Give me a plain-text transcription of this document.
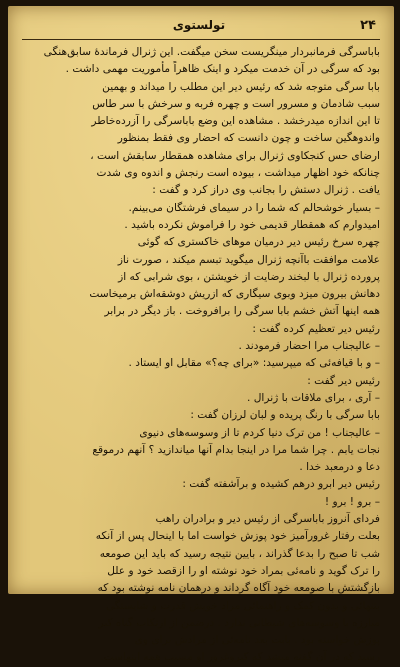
۲۴
تولستوی
باباسرگی فرمانبردار مینگریست سخن میگفت. این ژنرال فرماندهٔ سابق‌هنگی
بود که سرگی در آن خدمت میکرد و اینک ظاهراً مأموریت مهمی داشت .
بابا سرگی متوجه شد که رئیس دیر این مطلب را میداند و بهمین
سبب شادمان و مسرور است و چهره فربه و سرخش با سر طاس
تا این اندازه میدرخشد . مشاهده این وضع باباسرگی را آزرده‌خاطر
واندوهگین ساخت و چون دانست که احضار وی فقط بمنظور
ارضای حس کنجکاوی ژنرال برای مشاهده همقطار سابقش است ،
چنانکه خود اظهار میداشت ، بیوده است رنجش و اندوه وی شدت
یافت . ژنرال دستش را بجانب وی دراز کرد و گفت :
– بسیار خوشحالم که شما را در سیمای فرشتگان می‌بینم.
امیدوارم که همقطار قدیمی خود را فراموش نکرده باشید .
چهره سرخ رئیس دیر درمیان موهای خاکستری که گوئی
علامت موافقت باآنچه ژنرال میگوید تبسم میکند ، صورت ناز
پرورده ژنرال با لبخند رضایت از خویشتن ، بوی شرابی که از
دهانش بیرون میزد وبوی سیگاری که ازریش دوشقه‌اش برمیخاست
همه اینها آتش خشم بابا سرگی را برافروخت . باز دیگر در برابر
رئیس دیر تعظیم کرده گفت :
– عالیجناب مرا احضار فرمودند .
– و با قیافه‌ئی که میپرسید: «برای چه؟» مقابل او ایستاد .
رئیس دیر گفت :
– آری ، برای ملاقات با ژنرال .
بابا سرگی با رنگ پریده و لبان لرزان گفت :
– عالیجناب ! من ترک دنیا کردم تا از وسوسه‌های دنیوی
نجات یابم . چرا شما مرا در اینجا بدام آنها میاندازید ؟ آنهم درموقع
دعا و درمعبد خدا .
رئیس دیر ابرو درهم کشیده و برآشفته گفت :
– برو ! برو !
فردای آنروز باباسرگی از رئیس دیر و برادران راهب
بعلت رفتار غرورآمیز خود پوزش خواست اما با اینحال پس از آنکه
شب تا صبح را بدعا گذراند ، بایین نتیجه رسید که باید این صومعه
را ترک گوید و نامه‌ئی بمراد خود نوشته او را ازقصد خود و علل
بازگشتش با صومعه خود آگاه گرداند و درهمان نامه نوشته بود که
بتنهائی و بدون کمک و راهنمائی مراد خویش قدرت و شایستگی
مبارزه با وسوسه‌های شیطانی ندارد . درضمن از ارتکاب گناه کبر
پوزش خواسته بود . بابت بعد نامه‌ئی از مرادش برای وی
رسید که در آن گفته میشد که کبروغرور او مسبب همه اینهاست.
